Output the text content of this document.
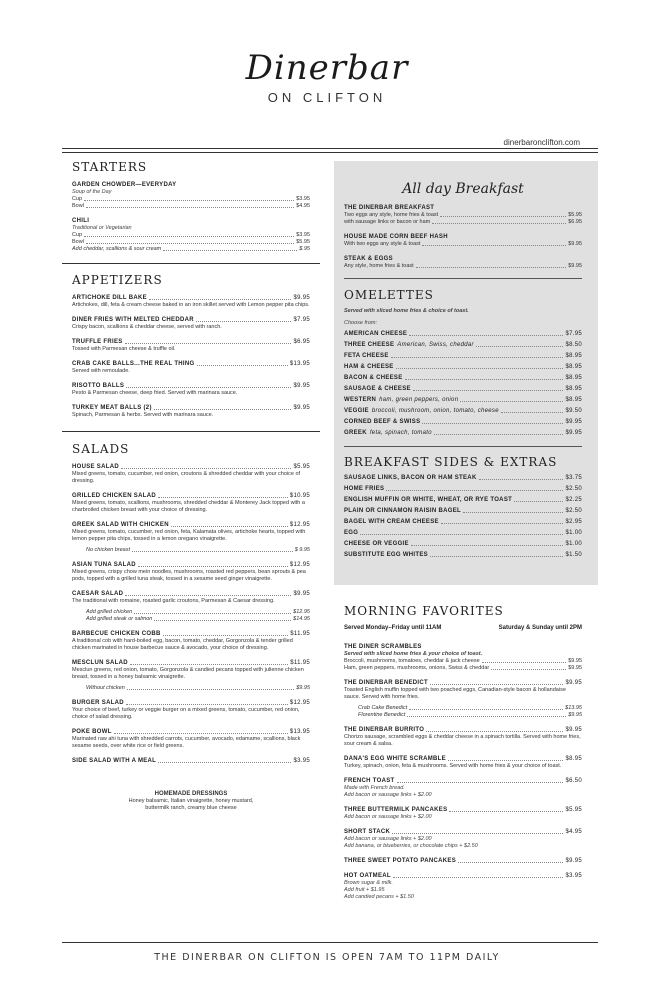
Dinerbar
ON CLIFTON
dinerbaronclifton.com
STARTERS
GARDEN CHOWDER—EVERYDAY
Soup of the Day
Cup	$3.95
Bowl	$4.95
CHILI
Traditional or Vegetarian
Cup	$3.95
Bowl	$5.95
Add cheddar, scallions & sour cream	$.95
APPETIZERS
ARTICHOKE DILL BAKE	$9.95
Artichokes, dill, feta & cream cheese baked in an iron skillet served with Lemon pepper pita chips.
DINER FRIES WITH MELTED CHEDDAR	$7.95
Crispy bacon, scallions & cheddar cheese, served with ranch.
TRUFFLE FRIES	$6.95
Tossed with Parmesan cheese & truffle oil.
CRAB CAKE BALLS...THE REAL THING	$13.95
Served with remoulade.
RISOTTO BALLS	$9.95
Pesto & Parmesan cheese, deep fried. Served with marinara sauce.
TURKEY MEAT BALLS (2)	$9.95
Spinach, Parmesan & herbs. Served with marinara sauce.
SALADS
HOUSE SALAD	$5.95
Mixed greens, tomato, cucumber, red onion, croutons & shredded cheddar with your choice of dressing.
GRILLED CHICKEN SALAD	$10.95
Mixed greens, tomato, scallions, mushrooms, shredded cheddar & Monterey Jack topped with a charbroiled chicken breast with your choice of dressing.
GREEK SALAD WITH CHICKEN	$12.95
Mixed greens, tomato, cucumber, red onion, feta, Kalamata olives, artichoke hearts, topped with lemon pepper pita chips, tossed in a lemon oregano vinaigrette.
No chicken breast	$ 9.95
ASIAN TUNA SALAD	$12.95
Mixed greens, crispy chow mein noodles, mushrooms, roasted red peppers, bean sprouts & pea pods, topped with a grilled tuna steak, tossed in a sesame seed ginger vinaigrette.
CAESAR SALAD	$9.95
The traditional with romaine, roasted garlic croutons, Parmesan & Caesar dressing.
Add grilled chicken	$12.95
Add grilled steak or salmon	$14.95
BARBECUE CHICKEN COBB	$11.95
A traditional cob with hard-boiled egg, bacon, tomato, cheddar, Gorgonzola & tender grilled chicken marinated in house barbecue sauce & avocado, your choice of dressing.
MESCLUN SALAD	$11.95
Mesclun greens, red onion, tomato, Gorgonzola & candied pecans topped with julienne chicken breast, tossed in a honey balsamic vinaigrette.
Without chicken	$9.95
BURGER SALAD	$12.95
Your choice of beef, turkey or veggie burger on a mixed greens, tomato, cucumber, red onion, choice of salad dressing.
POKE BOWL	$13.95
Marinated raw ahi tuna with shredded carrots, cucumber, avocado, edamame, scallions, black sesame seeds, over white rice or field greens.
SIDE SALAD WITH A MEAL	$3.95
HOMEMADE DRESSINGS
Honey balsamic, Italian vinaigrette, honey mustard,
buttermilk ranch, creamy blue cheese
All day Breakfast
THE DINERBAR BREAKFAST
Two eggs any style, home fries & toast	$5.95
with sausage links or bacon or ham	$6.95
HOUSE MADE CORN BEEF HASH
With two eggs any style & toast	$9.95
STEAK & EGGS
Any style, home fries & toast	$9.95
OMELETTES
Served with sliced home fries & choice of toast.
Choose from:
AMERICAN CHEESE	$7.95
THREE CHEESE American, Swiss, cheddar	$8.50
FETA CHEESE	$8.95
HAM & CHEESE	$8.95
BACON & CHEESE	$8.95
SAUSAGE & CHEESE	$8.95
WESTERN ham, green peppers, onion	$8.95
VEGGIE broccoli, mushroom, onion, tomato, cheese	$9.50
CORNED BEEF & SWISS	$9.95
GREEK feta, spinach, tomato	$9.95
BREAKFAST SIDES & EXTRAS
SAUSAGE LINKS, BACON OR HAM STEAK	$3.75
HOME FRIES	$2.50
ENGLISH MUFFIN OR WHITE, WHEAT, OR RYE TOAST	$2.25
PLAIN OR CINNAMON RAISIN BAGEL	$2.50
BAGEL WITH CREAM CHEESE	$2.95
EGG	$1.00
CHEESE OR VEGGIE	$1.00
SUBSTITUTE EGG WHITES	$1.50
MORNING FAVORITES
Served Monday–Friday until 11AM	Saturday & Sunday until 2PM
THE DINER SCRAMBLES
Served with sliced home fries & your choice of toast.
Broccoli, mushrooms, tomatoes, cheddar & jack cheese	$9.95
Ham, green peppers, mushrooms, onions, Swiss & cheddar	$9.95
THE DINERBAR BENEDICT	$9.95
Toasted English muffin topped with two poached eggs, Canadian-style bacon & hollandaise sauce. Served with home fries.
Crab Cake Benedict	$13.95
Florentine Benedict	$9.95
THE DINERBAR BURRITO	$9.95
Chorizo sausage, scrambled eggs & cheddar cheese in a spinach tortilla. Served with home fries, sour cream & salsa.
DANA'S EGG WHITE SCRAMBLE	$8.95
Turkey, spinach, onion, feta & mushrooms. Served with home fries & your choice of toast.
FRENCH TOAST	$6.50
Made with French bread.
Add bacon or sausage links + $2.00
THREE BUTTERMILK PANCAKES	$5.95
Add bacon or sausage links + $2.00
SHORT STACK	$4.95
Add bacon or sausage links + $2.00
Add banana, or blueberries, or chocolate chips + $2.50
THREE SWEET POTATO PANCAKES	$9.95
HOT OATMEAL	$3.95
Brown sugar & milk.
Add fruit + $1.95
Add candied pecans + $1.50
THE DINERBAR ON CLIFTON IS OPEN 7AM TO 11PM DAILY
